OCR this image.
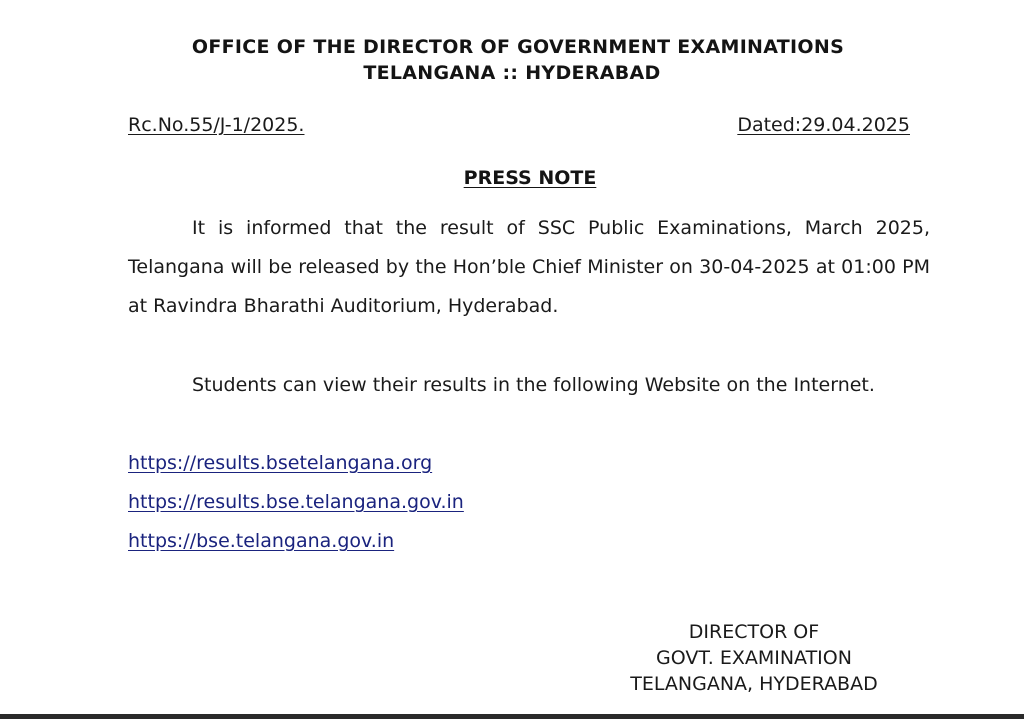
OFFICE OF THE DIRECTOR OF GOVERNMENT EXAMINATIONS
TELANGANA :: HYDERABAD
Rc.No.55/J-1/2025.	Dated:29.04.2025
PRESS NOTE
It is informed that the result of SSC Public Examinations, March 2025, Telangana will be released by the Hon’ble Chief Minister on 30-04-2025 at 01:00 PM at Ravindra Bharathi Auditorium, Hyderabad.
Students can view their results in the following Website on the Internet.
https://results.bsetelangana.org
https://results.bse.telangana.gov.in
https://bse.telangana.gov.in
DIRECTOR OF
GOVT. EXAMINATION
TELANGANA, HYDERABAD
